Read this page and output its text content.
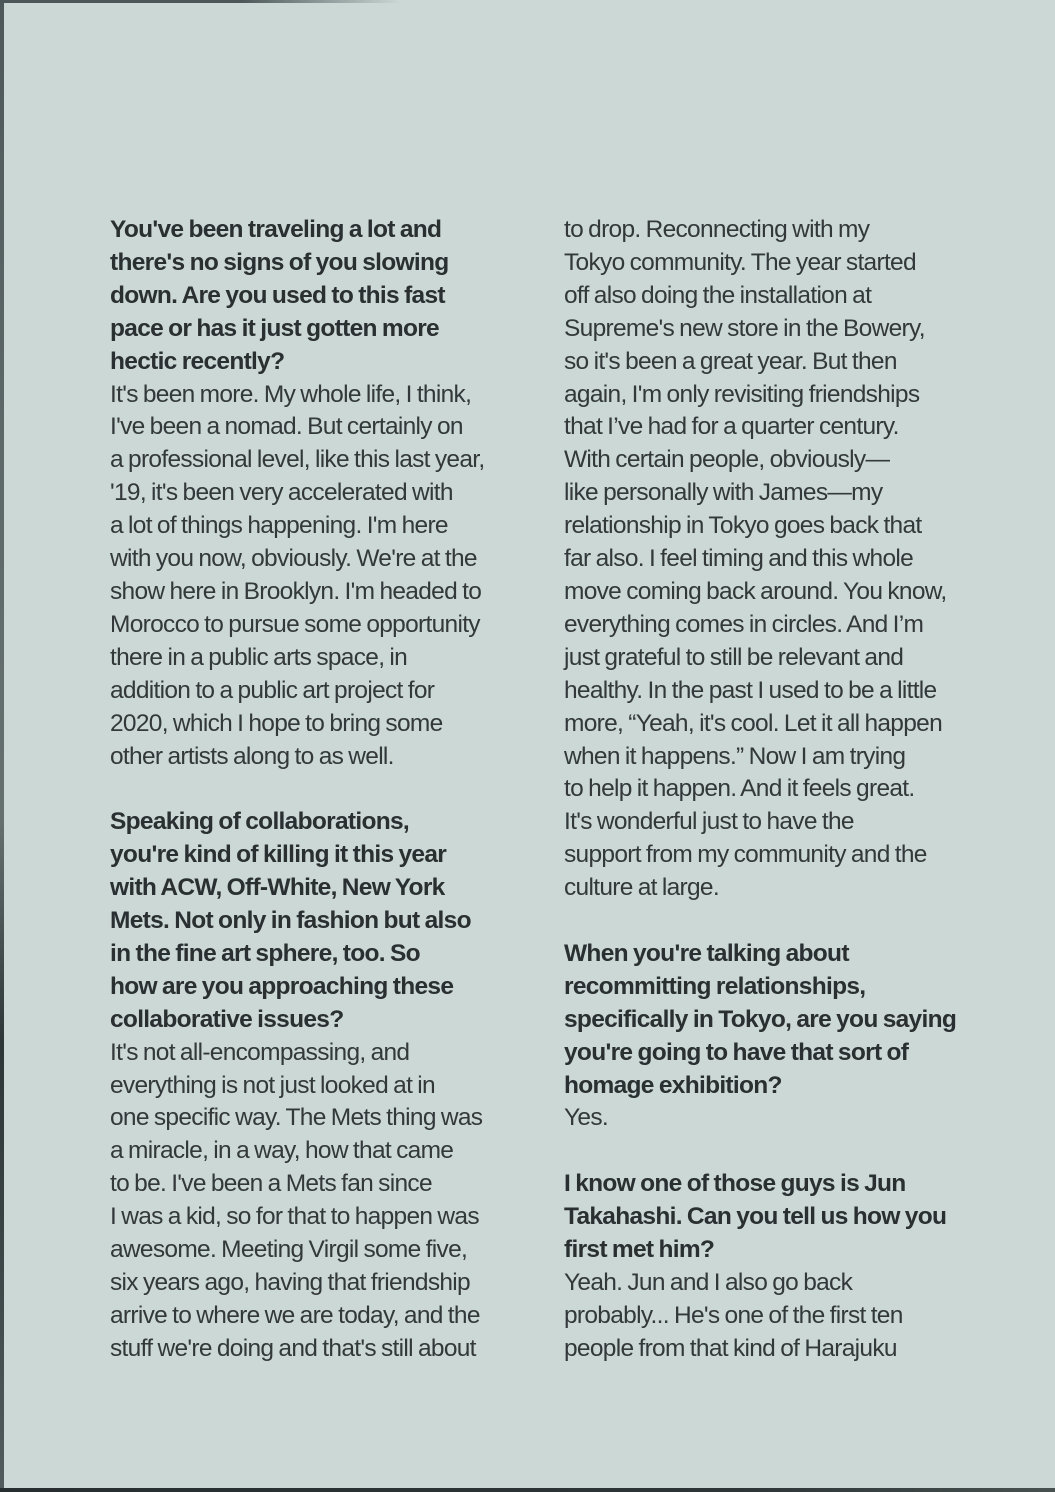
You've been traveling a lot and
there's no signs of you slowing
down. Are you used to this fast
pace or has it just gotten more
hectic recently?
It's been more. My whole life, I think,
I've been a nomad. But certainly on
a professional level, like this last year,
'19, it's been very accelerated with
a lot of things happening. I'm here
with you now, obviously. We're at the
show here in Brooklyn. I'm headed to
Morocco to pursue some opportunity
there in a public arts space, in
addition to a public art project for
2020, which I hope to bring some
other artists along to as well.
Speaking of collaborations,
you're kind of killing it this year
with ACW, Off-White, New York
Mets. Not only in fashion but also
in the fine art sphere, too. So
how are you approaching these
collaborative issues?
It's not all-encompassing, and
everything is not just looked at in
one specific way. The Mets thing was
a miracle, in a way, how that came
to be. I've been a Mets fan since
I was a kid, so for that to happen was
awesome. Meeting Virgil some five,
six years ago, having that friendship
arrive to where we are today, and the
stuff we're doing and that's still about
to drop. Reconnecting with my
Tokyo community. The year started
off also doing the installation at
Supreme's new store in the Bowery,
so it's been a great year. But then
again, I'm only revisiting friendships
that I’ve had for a quarter century.
With certain people, obviously—
like personally with James—my
relationship in Tokyo goes back that
far also. I feel timing and this whole
move coming back around. You know,
everything comes in circles. And I’m
just grateful to still be relevant and
healthy. In the past I used to be a little
more, “Yeah, it's cool. Let it all happen
when it happens.” Now I am trying
to help it happen. And it feels great.
It's wonderful just to have the
support from my community and the
culture at large.
When you're talking about
recommitting relationships,
specifically in Tokyo, are you saying
you're going to have that sort of
homage exhibition?
Yes.
I know one of those guys is Jun
Takahashi. Can you tell us how you
first met him?
Yeah. Jun and I also go back
probably... He's one of the first ten
people from that kind of Harajuku
